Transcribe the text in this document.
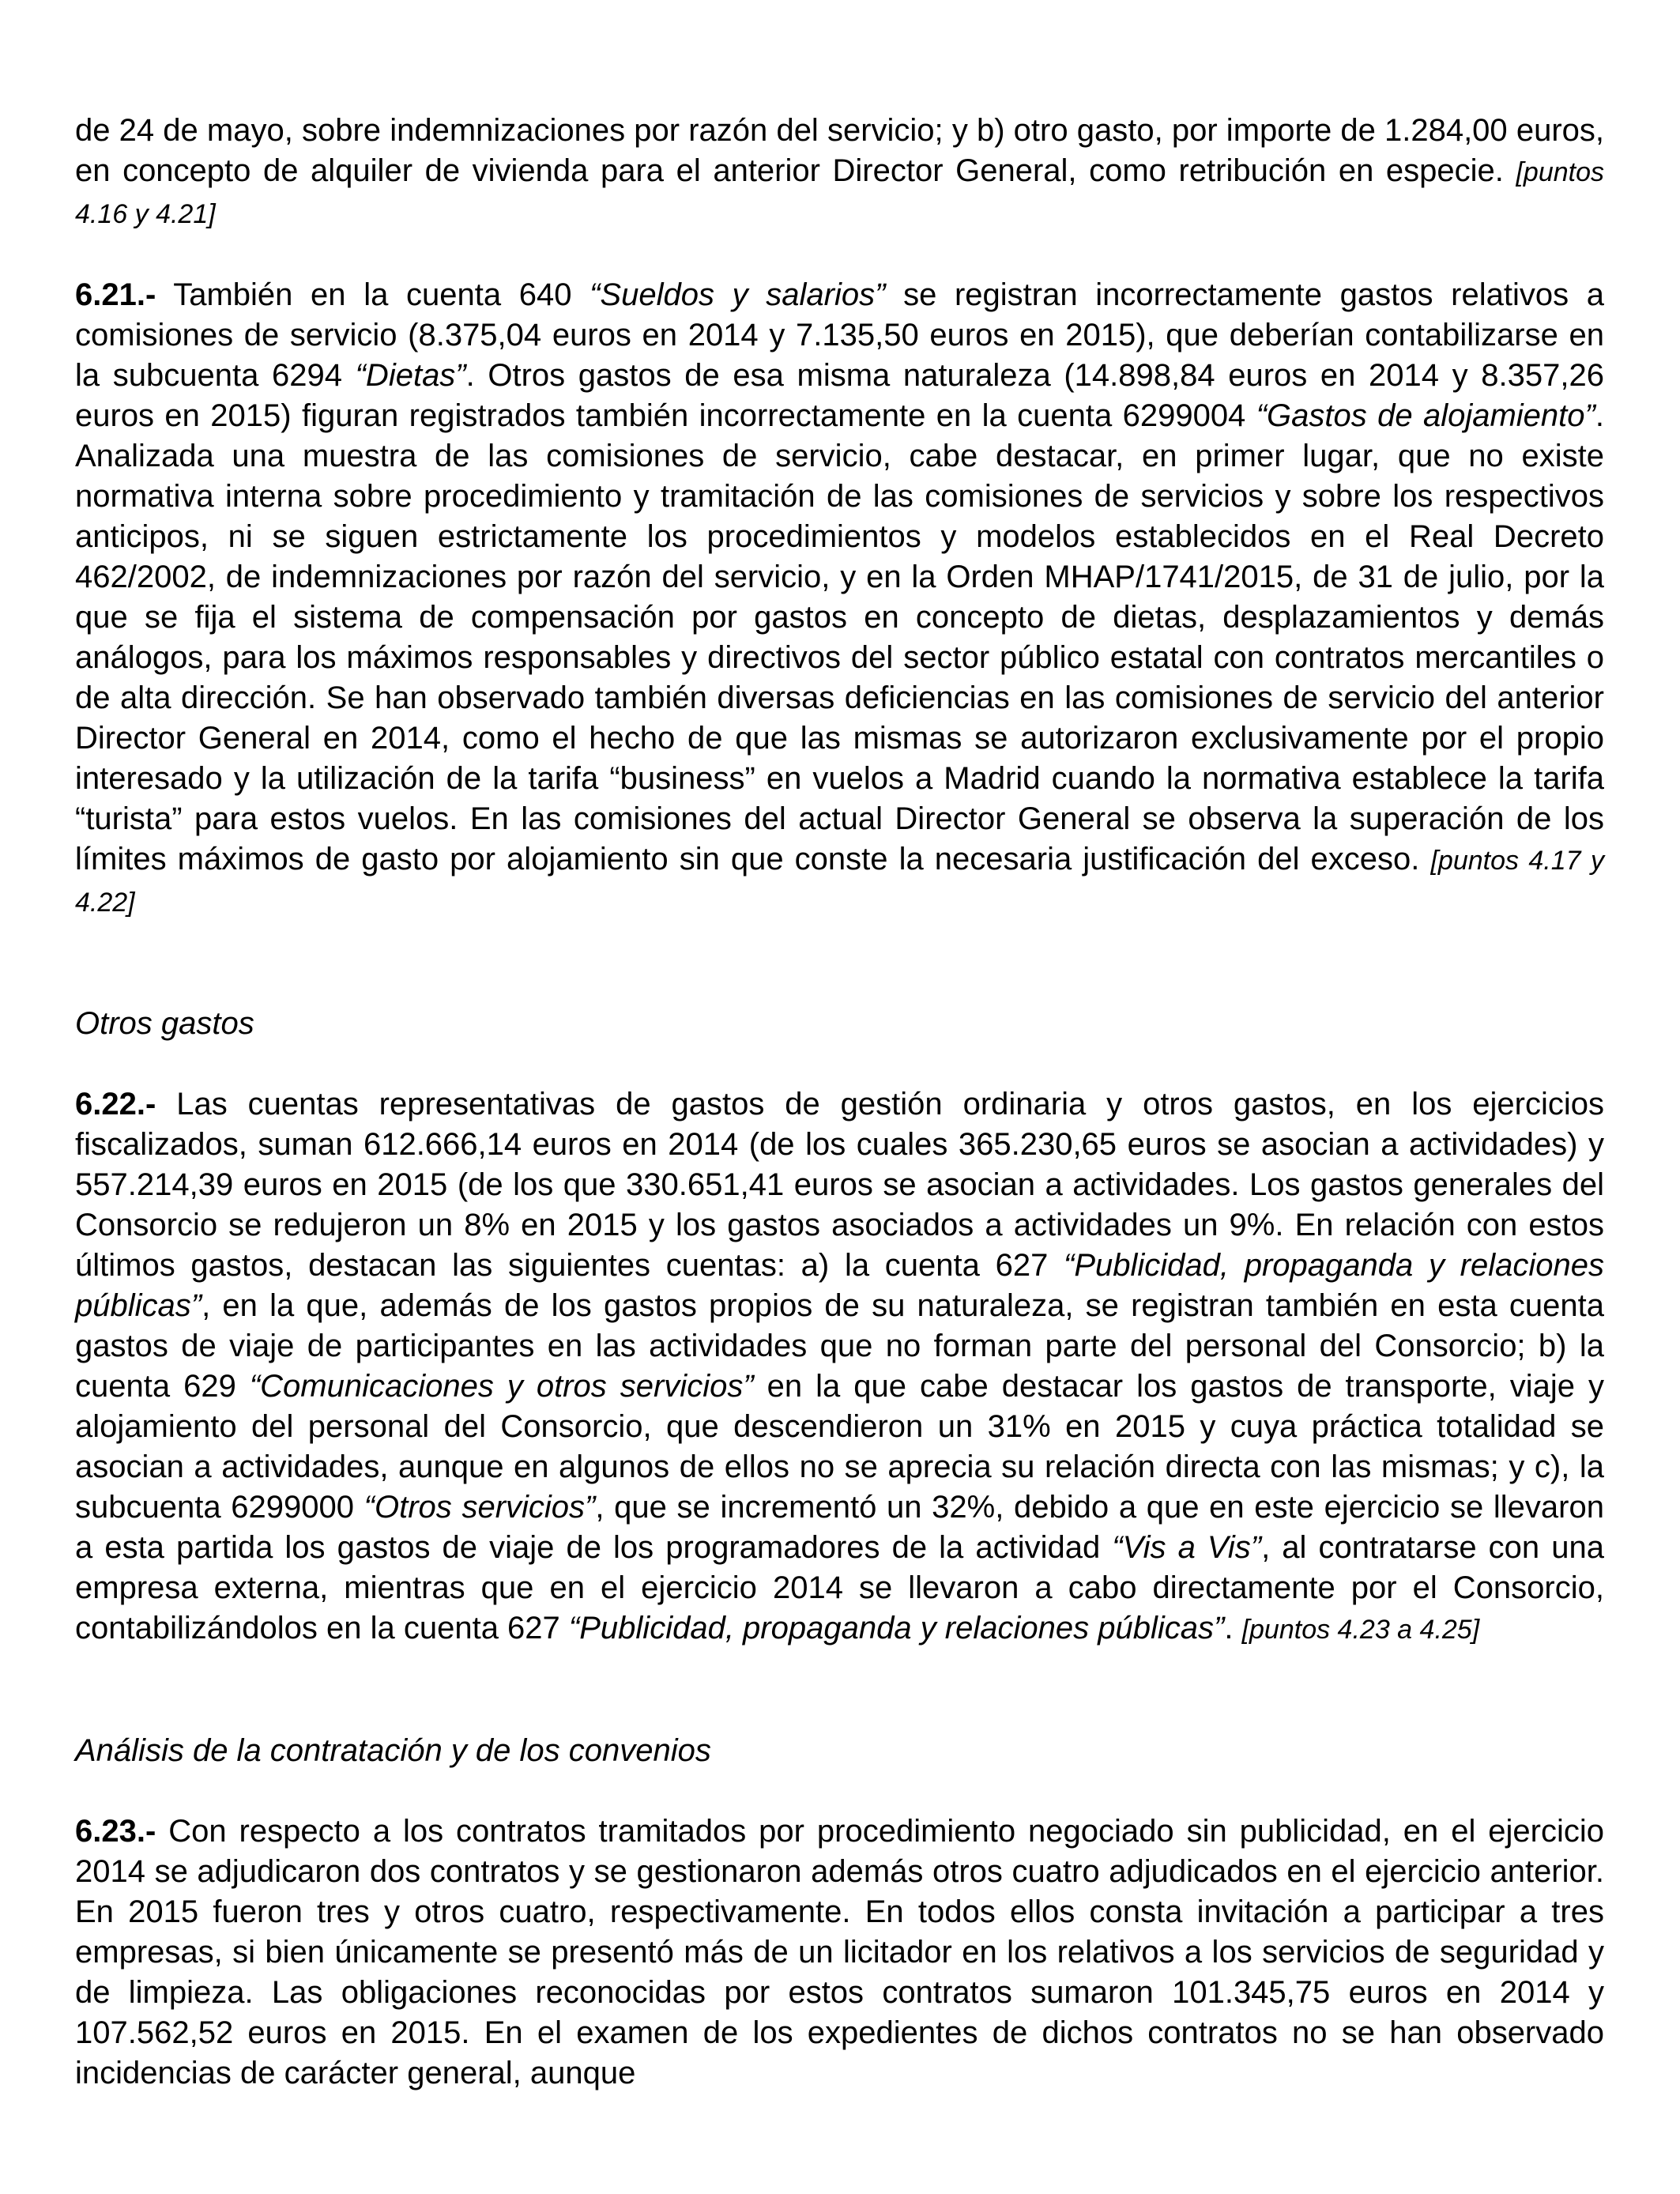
de 24 de mayo, sobre indemnizaciones por razón del servicio; y b) otro gasto, por importe de 1.284,00 euros, en concepto de alquiler de vivienda para el anterior Director General, como retribución en especie. [puntos 4.16 y 4.21]

6.21.- También en la cuenta 640 “Sueldos y salarios” se registran incorrectamente gastos relativos a comisiones de servicio (8.375,04 euros en 2014 y 7.135,50 euros en 2015), que deberían contabilizarse en la subcuenta 6294 “Dietas”. Otros gastos de esa misma naturaleza (14.898,84 euros en 2014 y 8.357,26 euros en 2015) figuran registrados también incorrectamente en la cuenta 6299004 “Gastos de alojamiento”. Analizada una muestra de las comisiones de servicio, cabe destacar, en primer lugar, que no existe normativa interna sobre procedimiento y tramitación de las comisiones de servicios y sobre los respectivos anticipos, ni se siguen estrictamente los procedimientos y modelos establecidos en el Real Decreto 462/2002, de indemnizaciones por razón del servicio, y en la Orden MHAP/1741/2015, de 31 de julio, por la que se fija el sistema de compensación por gastos en concepto de dietas, desplazamientos y demás análogos, para los máximos responsables y directivos del sector público estatal con contratos mercantiles o de alta dirección. Se han observado también diversas deficiencias en las comisiones de servicio del anterior Director General en 2014, como el hecho de que las mismas se autorizaron exclusivamente por el propio interesado y la utilización de la tarifa “business” en vuelos a Madrid cuando la normativa establece la tarifa “turista” para estos vuelos. En las comisiones del actual Director General se observa la superación de los límites máximos de gasto por alojamiento sin que conste la necesaria justificación del exceso. [puntos 4.17 y 4.22]

Otros gastos

6.22.- Las cuentas representativas de gastos de gestión ordinaria y otros gastos, en los ejercicios fiscalizados, suman 612.666,14 euros en 2014 (de los cuales 365.230,65 euros se asocian a actividades) y 557.214,39 euros en 2015 (de los que 330.651,41 euros se asocian a actividades. Los gastos generales del Consorcio se redujeron un 8% en 2015 y los gastos asociados a actividades un 9%. En relación con estos últimos gastos, destacan las siguientes cuentas: a) la cuenta 627 “Publicidad, propaganda y relaciones públicas”, en la que, además de los gastos propios de su naturaleza, se registran también en esta cuenta gastos de viaje de participantes en las actividades que no forman parte del personal del Consorcio; b) la cuenta 629 “Comunicaciones y otros servicios” en la que cabe destacar los gastos de transporte, viaje y alojamiento del personal del Consorcio, que descendieron un 31% en 2015 y cuya práctica totalidad se asocian a actividades, aunque en algunos de ellos no se aprecia su relación directa con las mismas; y c), la subcuenta 6299000 “Otros servicios”, que se incrementó un 32%, debido a que en este ejercicio se llevaron a esta partida los gastos de viaje de los programadores de la actividad “Vis a Vis”, al contratarse con una empresa externa, mientras que en el ejercicio 2014 se llevaron a cabo directamente por el Consorcio, contabilizándolos en la cuenta 627 “Publicidad, propaganda y relaciones públicas”. [puntos 4.23 a 4.25]

Análisis de la contratación y de los convenios

6.23.- Con respecto a los contratos tramitados por procedimiento negociado sin publicidad, en el ejercicio 2014 se adjudicaron dos contratos y se gestionaron además otros cuatro adjudicados en el ejercicio anterior. En 2015 fueron tres y otros cuatro, respectivamente. En todos ellos consta invitación a participar a tres empresas, si bien únicamente se presentó más de un licitador en los relativos a los servicios de seguridad y de limpieza. Las obligaciones reconocidas por estos contratos sumaron 101.345,75 euros en 2014 y 107.562,52 euros en 2015. En el examen de los expedientes de dichos contratos no se han observado incidencias de carácter general, aunque
